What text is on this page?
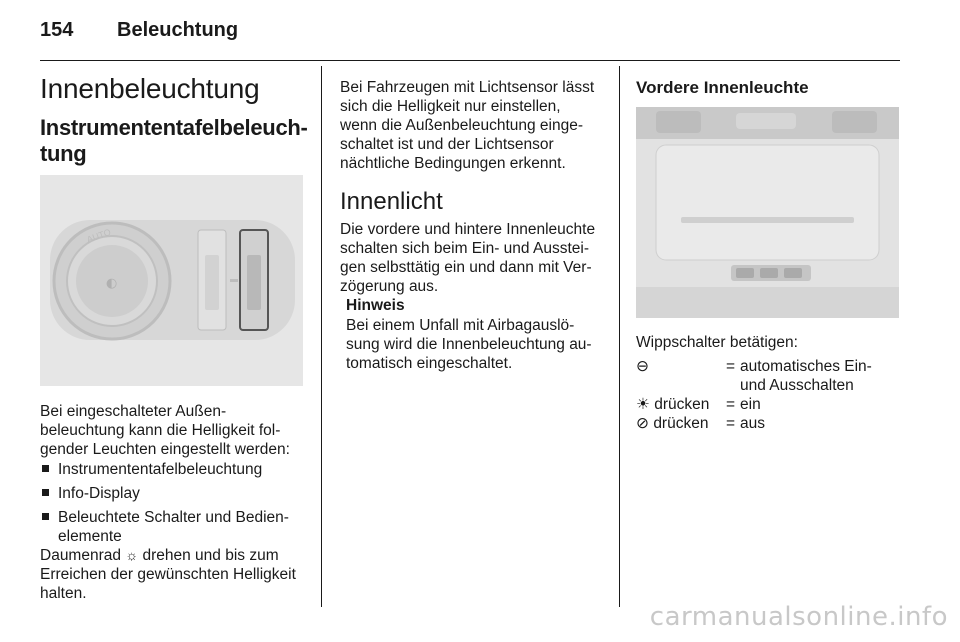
154 Beleuchtung
Innenbeleuchtung
Instrumententafelbeleuch-
tung
◐
AUTO
Bei eingeschalteter Außen-
beleuchtung kann die Helligkeit fol-
gender Leuchten eingestellt werden:
Instrumententafelbeleuchtung
Info-Display
Beleuchtete Schalter und Bedien-
elemente
Daumenrad ☼ drehen und bis zum
Erreichen der gewünschten Helligkeit
halten.
Bei Fahrzeugen mit Lichtsensor lässt
sich die Helligkeit nur einstellen,
wenn die Außenbeleuchtung einge-
schaltet ist und der Lichtsensor
nächtliche Bedingungen erkennt.
Innenlicht
Die vordere und hintere Innenleuchte
schalten sich beim Ein- und Ausstei-
gen selbsttätig ein und dann mit Ver-
zögerung aus.
Hinweis
Bei einem Unfall mit Airbagauslö-
sung wird die Innenbeleuchtung au-
tomatisch eingeschaltet.
Vordere Innenleuchte
Wippschalter betätigen:
⊖	= automatisches Ein-
und Ausschalten
☀ drücken = ein
⊘ drücken = aus
carmanualsonline.info
